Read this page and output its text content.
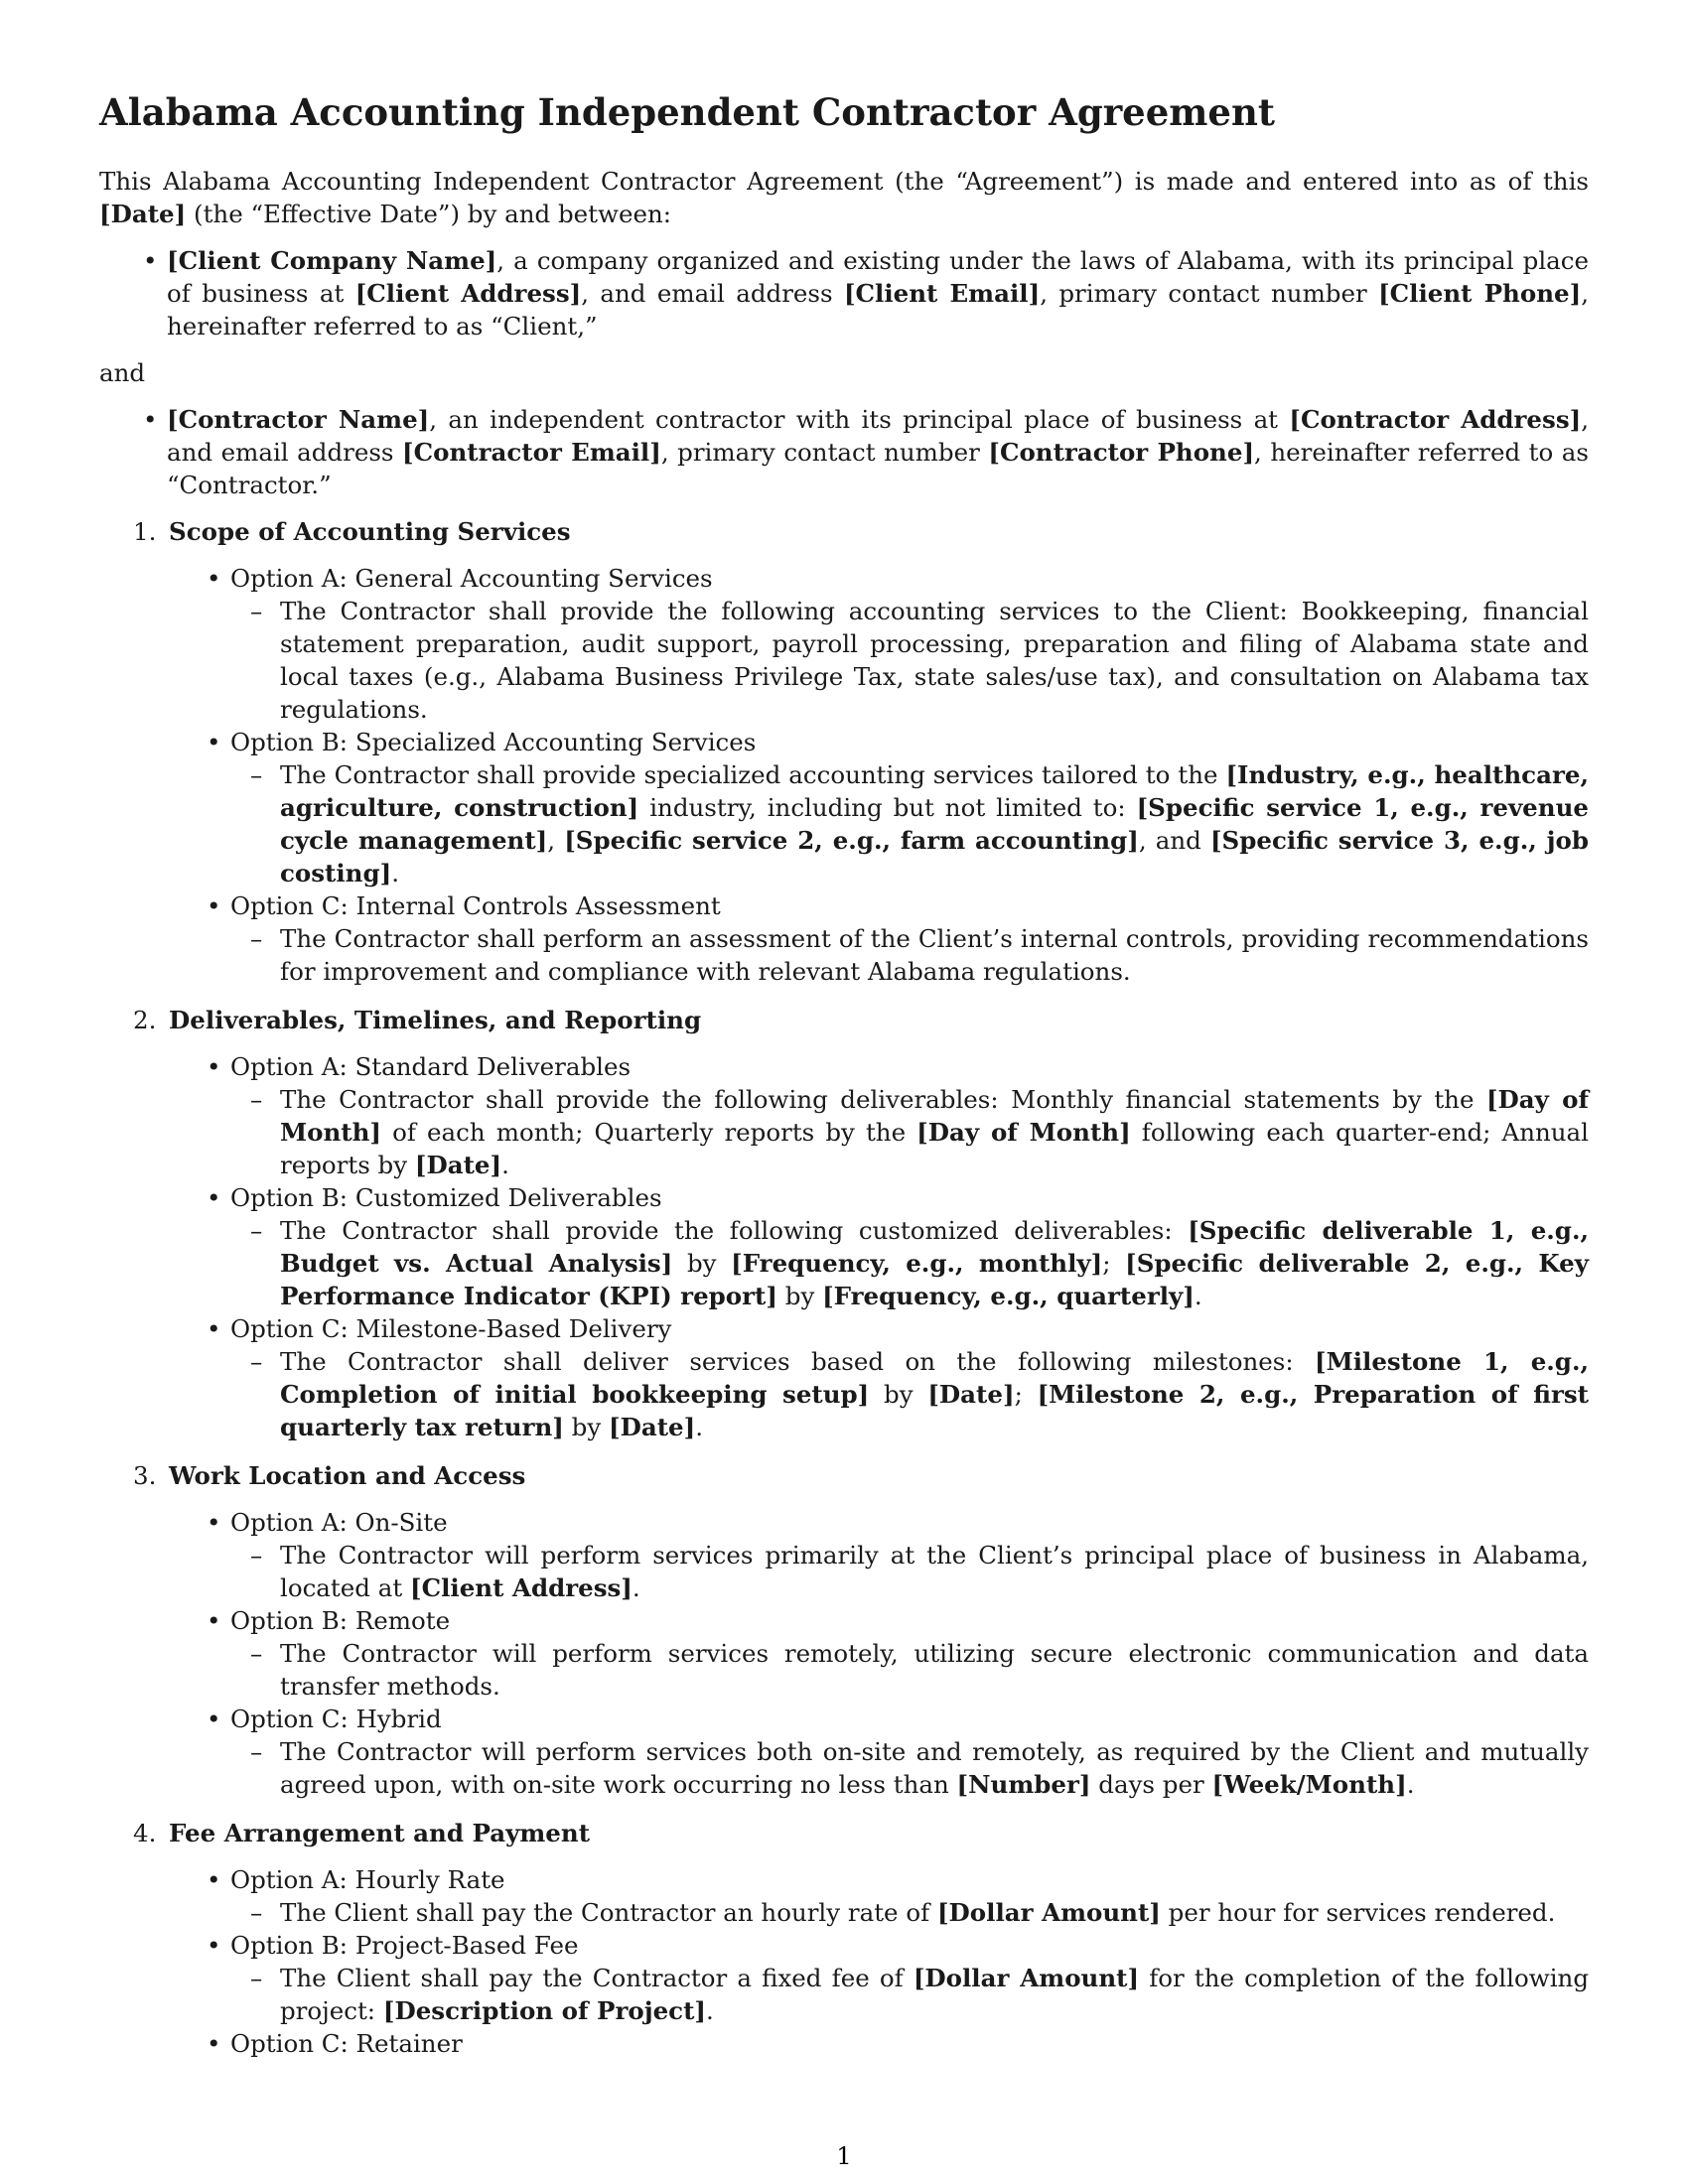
Alabama Accounting Independent Contractor Agreement

This Alabama Accounting Independent Contractor Agreement (the “Agreement”) is made and entered into as of this [Date] (the “Effective Date”) by and between:

• [Client Company Name], a company organized and existing under the laws of Alabama, with its principal place of business at [Client Address], and email address [Client Email], primary contact number [Client Phone], hereinafter referred to as “Client,”

and

• [Contractor Name], an independent contractor with its principal place of business at [Contractor Address], and email address [Contractor Email], primary contact number [Contractor Phone], hereinafter referred to as “Contractor.”
1. Scope of Accounting Services
• Option A: General Accounting Services
– The Contractor shall provide the following accounting services to the Client: Bookkeeping, financial statement preparation, audit support, payroll processing, preparation and filing of Alabama state and local taxes (e.g., Alabama Business Privilege Tax, state sales/use tax), and consultation on Alabama tax regulations.
• Option B: Specialized Accounting Services
– The Contractor shall provide specialized accounting services tailored to the [Industry, e.g., healthcare, agriculture, construction] industry, including but not limited to: [Specific service 1, e.g., revenue cycle management], [Specific service 2, e.g., farm accounting], and [Specific service 3, e.g., job costing].
• Option C: Internal Controls Assessment
– The Contractor shall perform an assessment of the Client’s internal controls, providing recommendations for improvement and compliance with relevant Alabama regulations.
2. Deliverables, Timelines, and Reporting
• Option A: Standard Deliverables
– The Contractor shall provide the following deliverables: Monthly financial statements by the [Day of Month] of each month; Quarterly reports by the [Day of Month] following each quarter-end; Annual reports by [Date].
• Option B: Customized Deliverables
– The Contractor shall provide the following customized deliverables: [Specific deliverable 1, e.g., Budget vs. Actual Analysis] by [Frequency, e.g., monthly]; [Specific deliverable 2, e.g., Key Performance Indicator (KPI) report] by [Frequency, e.g., quarterly].
• Option C: Milestone-Based Delivery
– The Contractor shall deliver services based on the following milestones: [Milestone 1, e.g., Completion of initial bookkeeping setup] by [Date]; [Milestone 2, e.g., Preparation of first quarterly tax return] by [Date].
3. Work Location and Access
• Option A: On-Site
– The Contractor will perform services primarily at the Client’s principal place of business in Alabama, located at [Client Address].
• Option B: Remote
– The Contractor will perform services remotely, utilizing secure electronic communication and data transfer methods.
• Option C: Hybrid
– The Contractor will perform services both on-site and remotely, as required by the Client and mutually agreed upon, with on-site work occurring no less than [Number] days per [Week/Month].
4. Fee Arrangement and Payment
• Option A: Hourly Rate
– The Client shall pay the Contractor an hourly rate of [Dollar Amount] per hour for services rendered.
• Option B: Project-Based Fee
– The Client shall pay the Contractor a fixed fee of [Dollar Amount] for the completion of the following project: [Description of Project].
• Option C: Retainer
1
